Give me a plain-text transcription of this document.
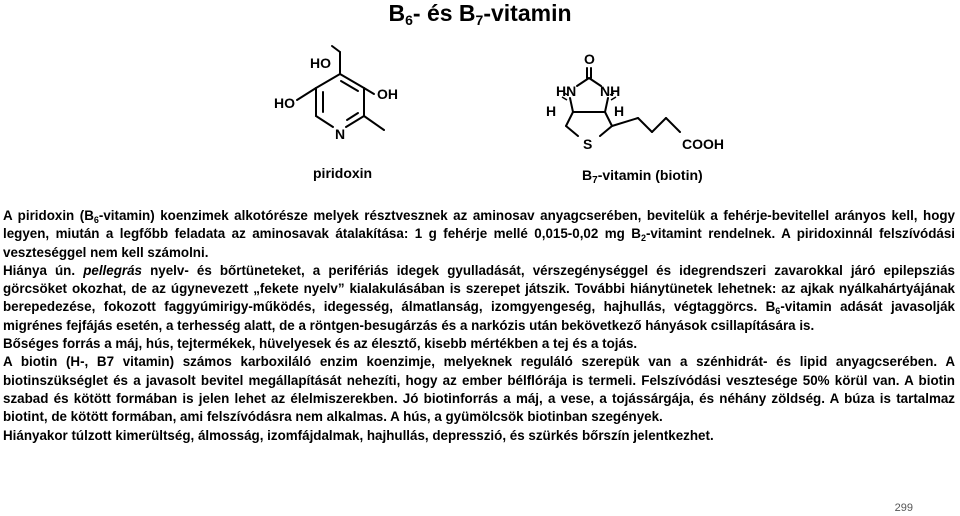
$B_6-$ és $B_7$-vitamin
HO
HO
OH
N
piridoxin
O
HN NH
H	H
S	COOH
$B_7$-vitamin (biotin)

A piridoxin $(B_6-vitamin)$ koenzimek alkotórésze melyek résztvesznek az aminosav anyagcserében, bevitelük a fehérje-bevitellel arányos kell, hogy legyen, miután a legfőbb feladata az aminosavak átalakítása: 1 g fehérje mellé 0,015-0,02 mg $B_2$-vitamint rendelnek. A piridoxinnál felszívódási veszteséggel nem kell számolni.

Hiánya ún. pellegrás nyelv- és bőrtüneteket, a perifériás idegek gyulladását, vérszegénységgel és idegrendszeri zavarokkal járó epilepsziás görcsöket okozhat, de az úgynevezett „fekete nyelv” kialakulásában is szerepet játszik. További hiánytünetek lehetnek: az ajkak nyálkahártyájának berepedezése, fokozott faggyúmirigy-működés, idegesség, álmatlanság, izomgyengeség, hajhullás, végtaggörcs. $B_6$-vitamin adását javasolják migrénes fejfájás esetén, a terhesség alatt, de a röntgen-besugárzás és a narkózis után bekövetkező hányások csillapítására is.

Bőséges forrás a máj, hús, tejtermékek, hüvelyesek és az élesztő, kisebb mértékben a tej és a tojás.

A biotin (H-, B7 vitamin) számos karboxiláló enzim koenzimje, melyeknek reguláló szerepük van a szénhidrát- és lipid anyagcserében. A biotinszükséglet és a javasolt bevitel megállapítását nehezíti, hogy az ember bélflórája is termeli. Felszívódási vesztesége 50% körül van. A biotin szabad és kötött formában is jelen lehet az élelmiszerekben. Jó biotinforrás a máj, a vese, a tojássárgája, és néhány zöldség. A búza is tartalmaz biotint, de kötött formában, ami felszívódásra nem alkalmas. A hús, a gyümölcsök biotinban szegények.

Hiányakor túlzott kimerültség, álmosság, izomfájdalmak, hajhullás, depresszió, és szürkés bőrszín jelentkezhet.

299
